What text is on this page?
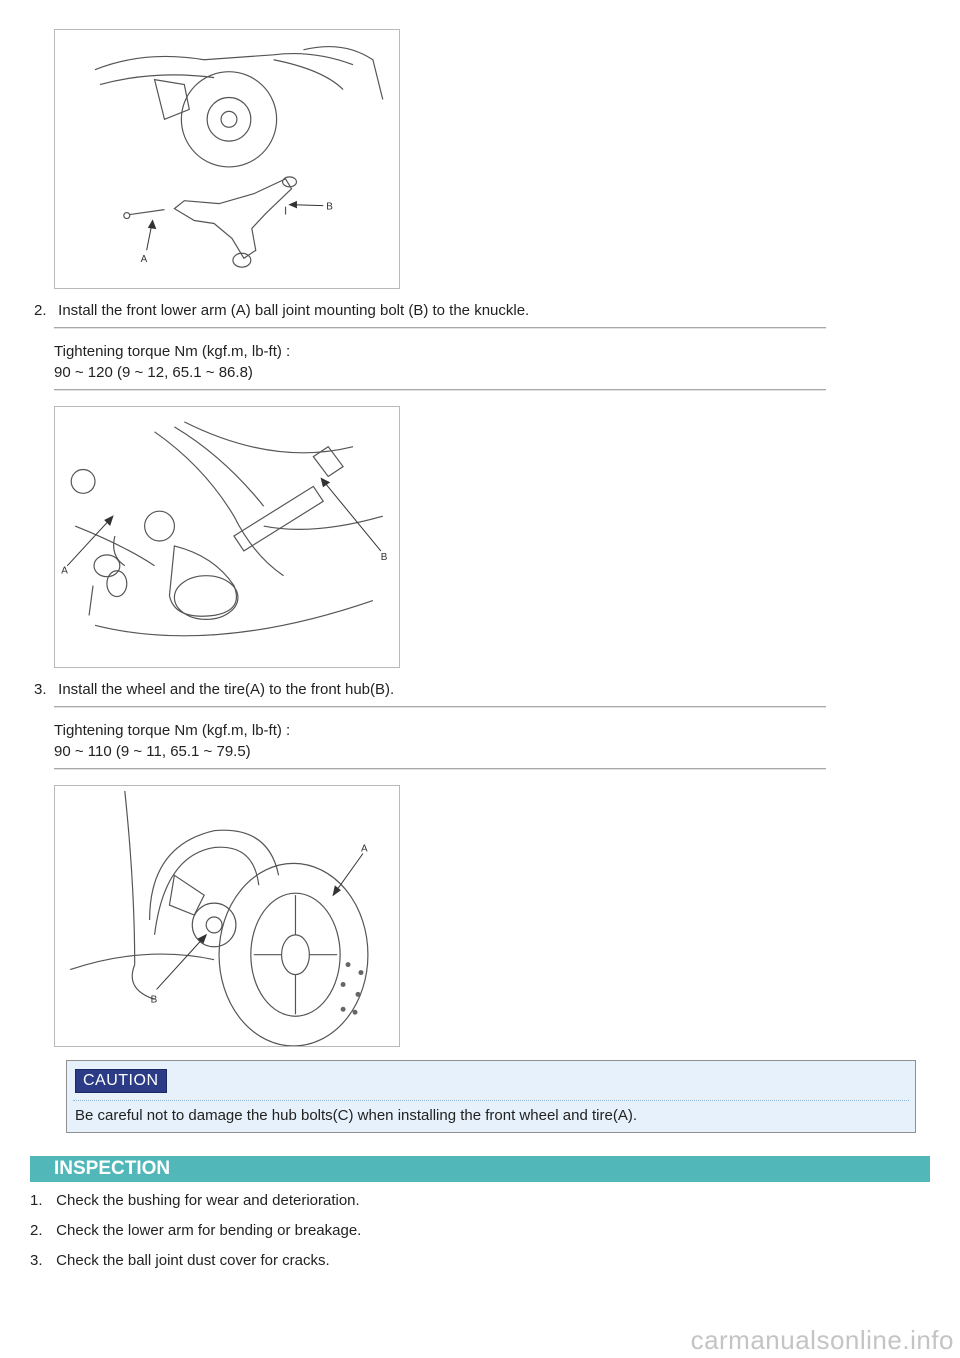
B
A
2. Install the front lower arm (A) ball joint mounting bolt (B) to the knuckle.
Tightening torque Nm (kgf.m, lb-ft) :
90 ~ 120 (9 ~ 12, 65.1 ~ 86.8)
A
B
3. Install the wheel and the tire(A) to the front hub(B).
Tightening torque Nm (kgf.m, lb-ft) :
90 ~ 110 (9 ~ 11, 65.1 ~ 79.5)
A
B
CAUTION
Be careful not to damage the hub bolts(C) when installing the front wheel and tire(A).
INSPECTION
1. Check the bushing for wear and deterioration.
2. Check the lower arm for bending or breakage.
3. Check the ball joint dust cover for cracks.
carmanualsonline.info
